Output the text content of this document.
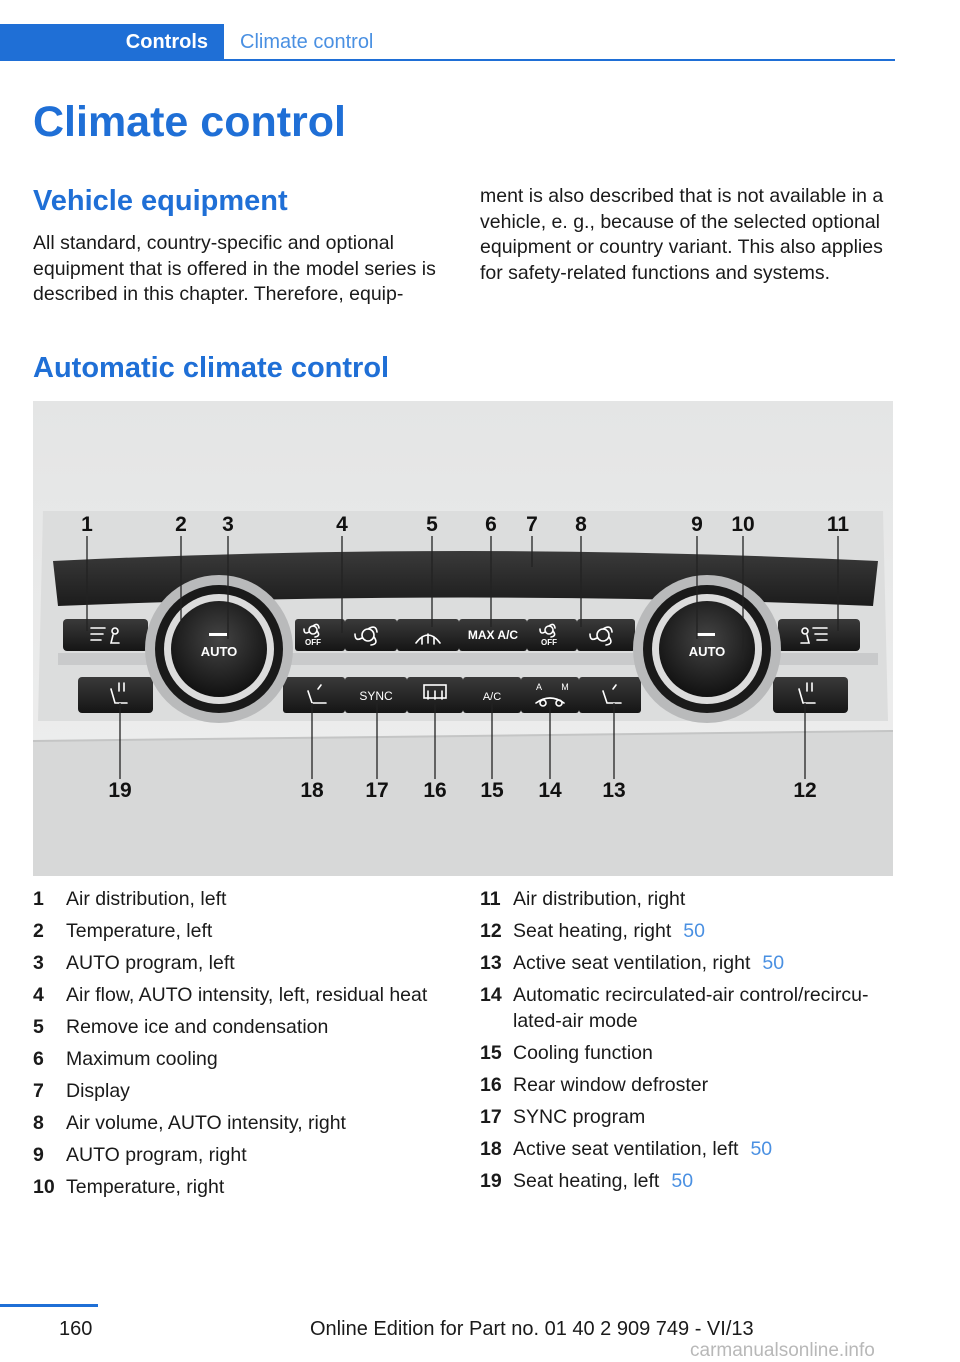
Controls	Climate control
Climate control
Vehicle equipment

All standard, country-specific and optional equipment that is offered in the model series is described in this chapter. Therefore, equip-

ment is also described that is not available in a vehicle, e. g., because of the selected optional equipment or country variant. This also applies for safety-related functions and systems.

Automatic climate control
AUTO	AUTO
MAX A/C
OFF	OFF
SYNC	A/C
A M
1	2 3	4	5 6 7 8	9 10	11
19	18 17 16 15 14 13	12
1	Air distribution, left
2	Temperature, left
3	AUTO program, left
4	Air flow, AUTO intensity, left, residual heat
5	Remove ice and condensation
6	Maximum cooling
7	Display
8	Air volume, AUTO intensity, right
9	AUTO program, right
10 Temperature, right
11 Air distribution, right
12 Seat heating, right 50
13 Active seat ventilation, right 50
14 Automatic recirculated-air control/recircu-lated-air mode
15 Cooling function
16 Rear window defroster
17 SYNC program
18 Active seat ventilation, left 50
19 Seat heating, left 50
160	Online Edition for Part no. 01 40 2 909 749 - VI/13
carmanualsonline.info
